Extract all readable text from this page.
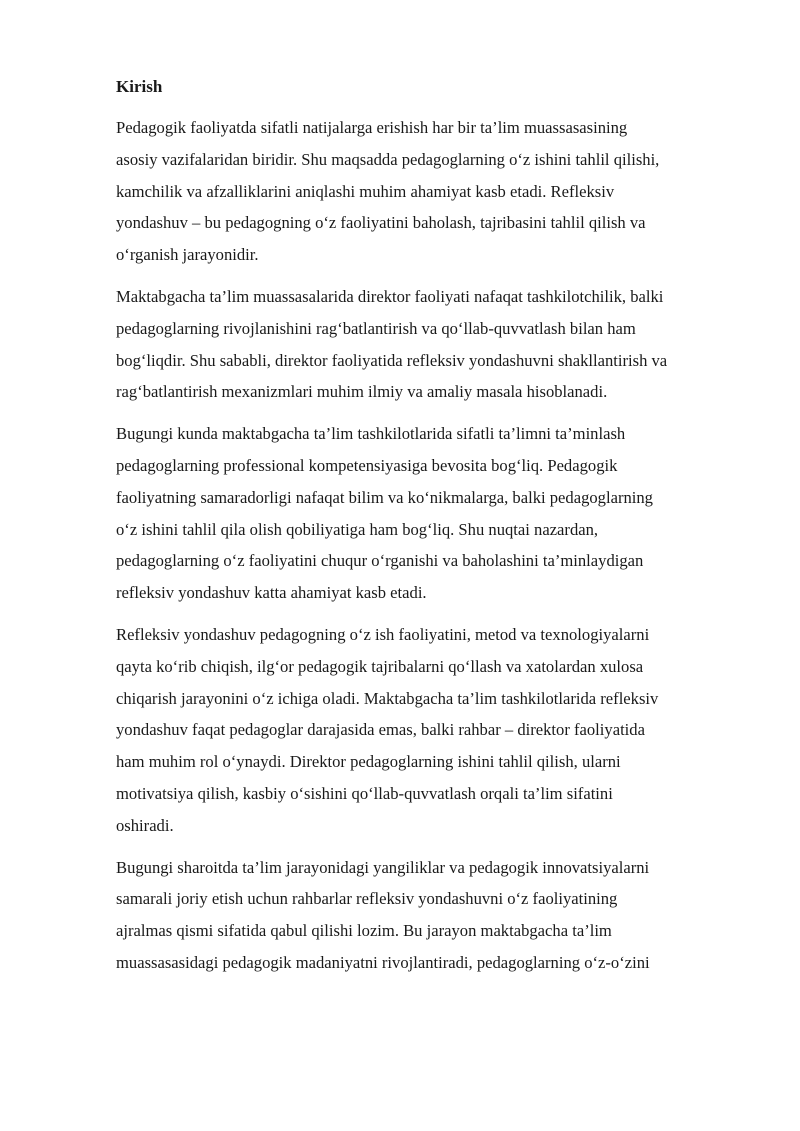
Kirish
Pedagogik faoliyatda sifatli natijalarga erishish har bir ta’lim muassasasining
asosiy vazifalaridan biridir. Shu maqsadda pedagoglarning o‘z ishini tahlil qilishi,
kamchilik va afzalliklarini aniqlashi muhim ahamiyat kasb etadi. Refleksiv
yondashuv – bu pedagogning o‘z faoliyatini baholash, tajribasini tahlil qilish va
o‘rganish jarayonidir.
Maktabgacha ta’lim muassasalarida direktor faoliyati nafaqat tashkilotchilik, balki
pedagoglarning rivojlanishini rag‘batlantirish va qo‘llab-quvvatlash bilan ham
bog‘liqdir. Shu sababli, direktor faoliyatida refleksiv yondashuvni shakllantirish va
rag‘batlantirish mexanizmlari muhim ilmiy va amaliy masala hisoblanadi.
Bugungi kunda maktabgacha ta’lim tashkilotlarida sifatli ta’limni ta’minlash
pedagoglarning professional kompetensiyasiga bevosita bog‘liq. Pedagogik
faoliyatning samaradorligi nafaqat bilim va ko‘nikmalarga, balki pedagoglarning
o‘z ishini tahlil qila olish qobiliyatiga ham bog‘liq. Shu nuqtai nazardan,
pedagoglarning o‘z faoliyatini chuqur o‘rganishi va baholashini ta’minlaydigan
refleksiv yondashuv katta ahamiyat kasb etadi.
Refleksiv yondashuv pedagogning o‘z ish faoliyatini, metod va texnologiyalarni
qayta ko‘rib chiqish, ilg‘or pedagogik tajribalarni qo‘llash va xatolardan xulosa
chiqarish jarayonini o‘z ichiga oladi. Maktabgacha ta’lim tashkilotlarida refleksiv
yondashuv faqat pedagoglar darajasida emas, balki rahbar – direktor faoliyatida
ham muhim rol o‘ynaydi. Direktor pedagoglarning ishini tahlil qilish, ularni
motivatsiya qilish, kasbiy o‘sishini qo‘llab-quvvatlash orqali ta’lim sifatini
oshiradi.
Bugungi sharoitda ta’lim jarayonidagi yangiliklar va pedagogik innovatsiyalarni
samarali joriy etish uchun rahbarlar refleksiv yondashuvni o‘z faoliyatining
ajralmas qismi sifatida qabul qilishi lozim. Bu jarayon maktabgacha ta’lim
muassasasidagi pedagogik madaniyatni rivojlantiradi, pedagoglarning o‘z-o‘zini
